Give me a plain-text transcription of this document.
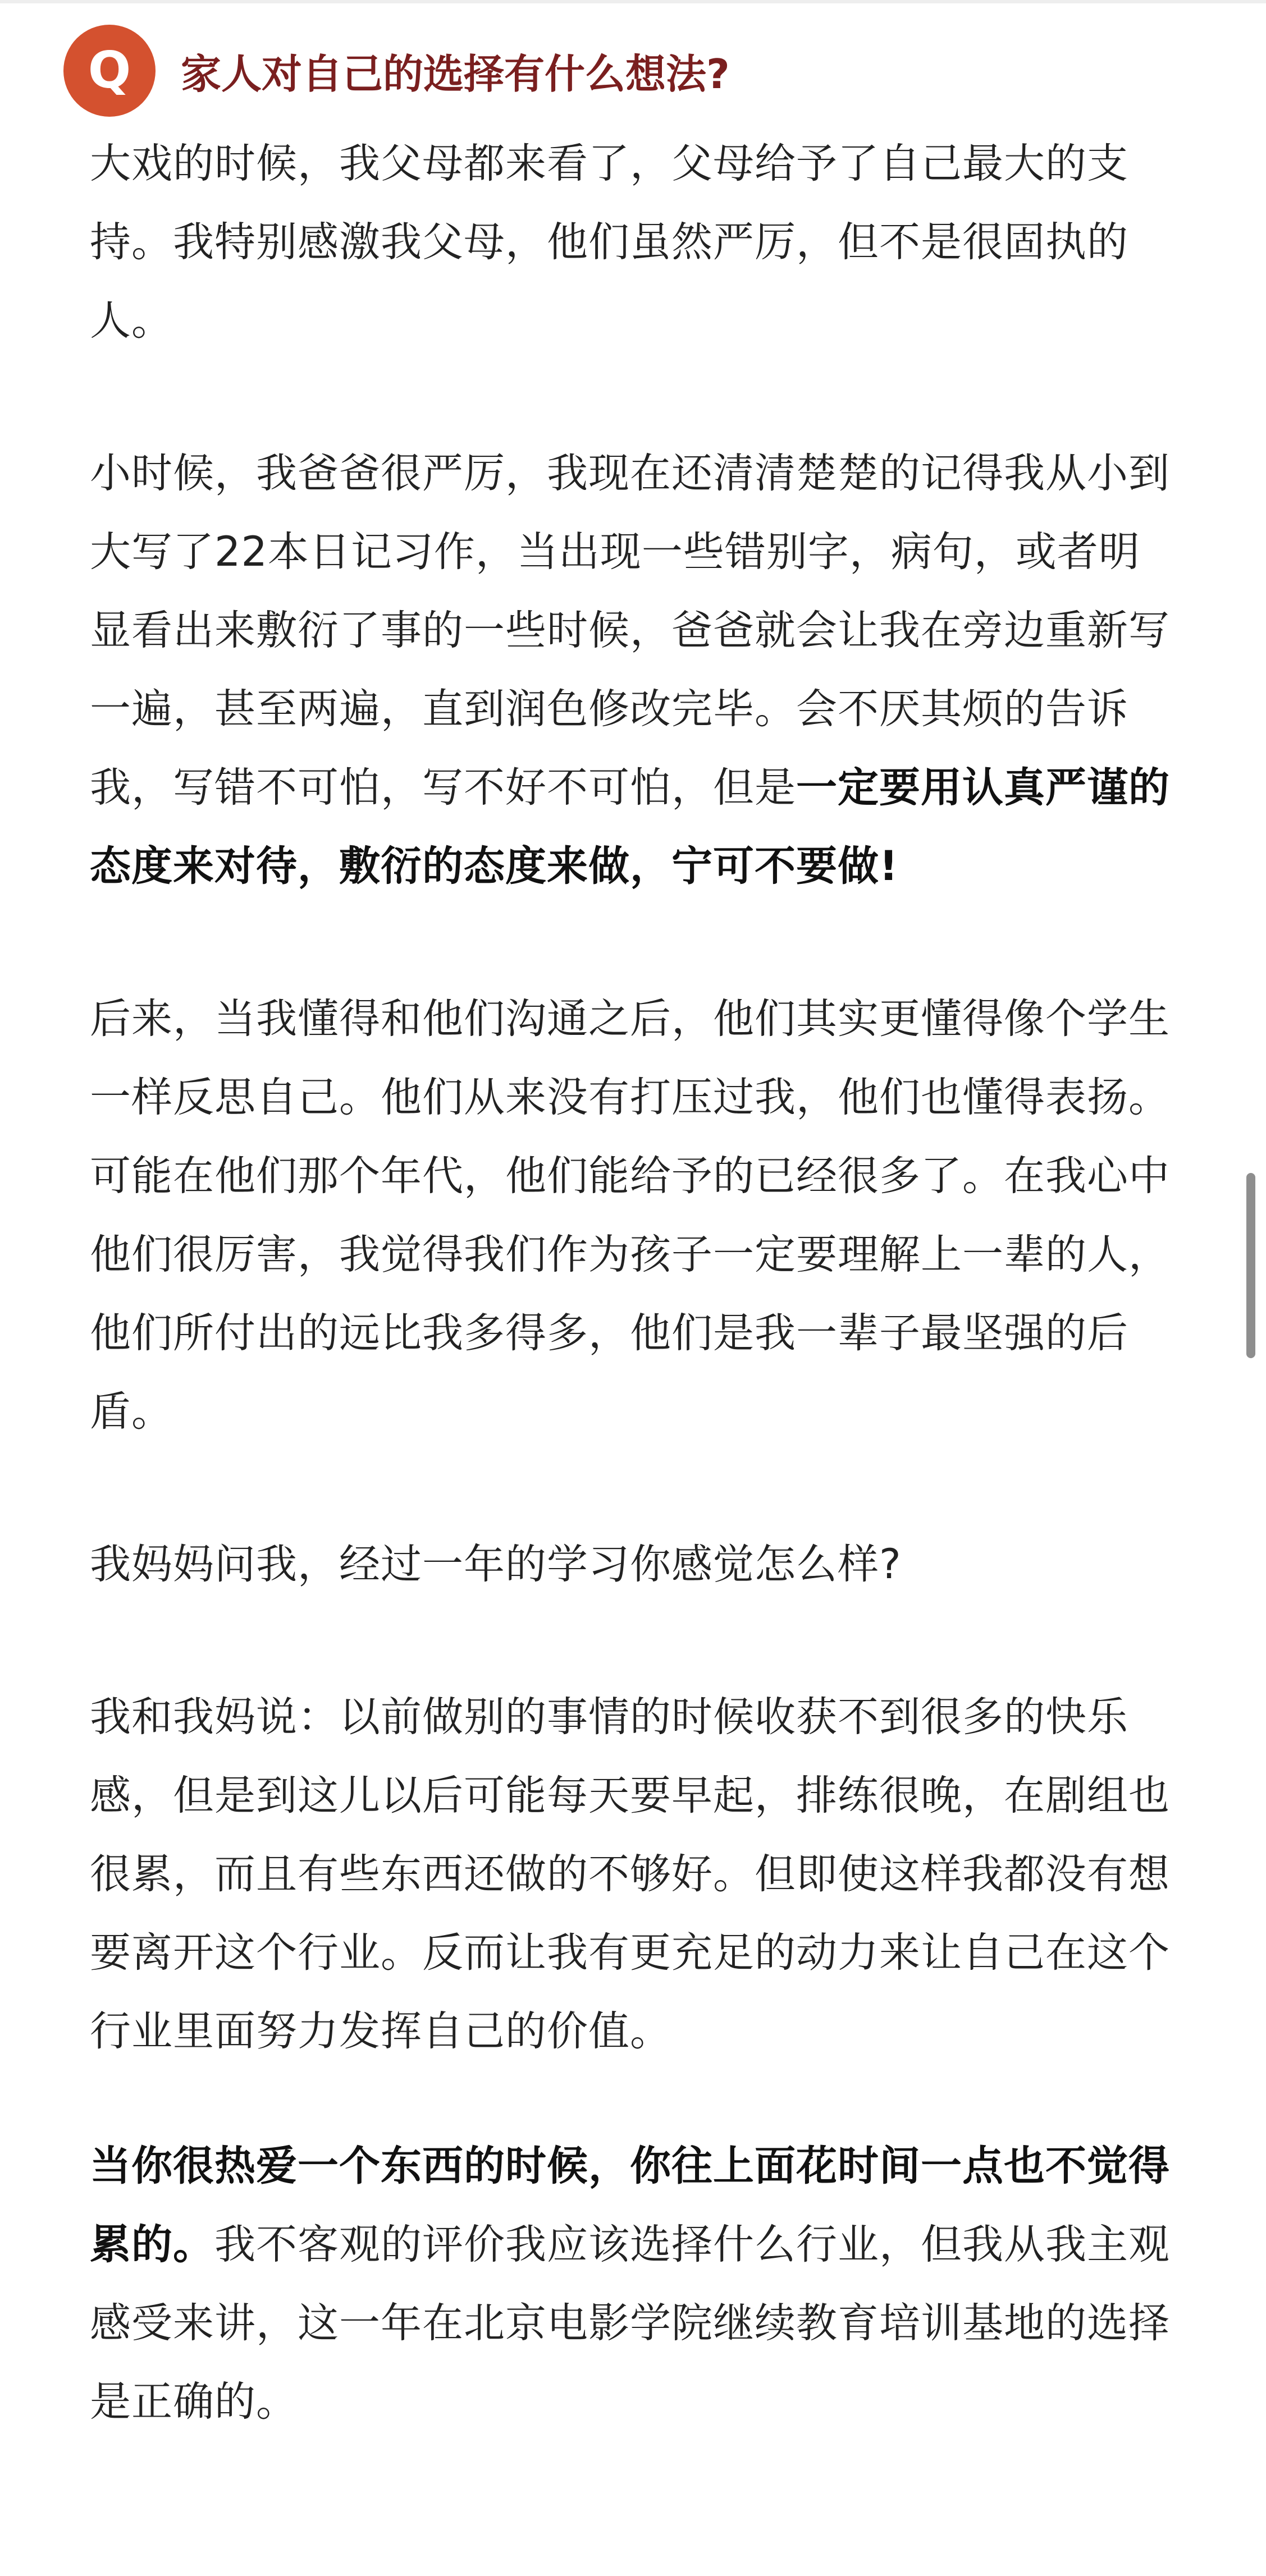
Q 家人对自己的选择有什么想法?

大戏的时候，我父母都来看了，父母给予了自己最大的支持。我特别感激我父母，他们虽然严厉，但不是很固执的人。

小时候，我爸爸很严厉，我现在还清清楚楚的记得我从小到大写了22本日记习作，当出现一些错别字，病句，或者明显看出来敷衍了事的一些时候，爸爸就会让我在旁边重新写一遍，甚至两遍，直到润色修改完毕。会不厌其烦的告诉我，写错不可怕，写不好不可怕，但是一定要用认真严谨的态度来对待，敷衍的态度来做，宁可不要做!

后来，当我懂得和他们沟通之后，他们其实更懂得像个学生一样反思自己。他们从来没有打压过我，他们也懂得表扬。可能在他们那个年代，他们能给予的已经很多了。在我心中他们很厉害，我觉得我们作为孩子一定要理解上一辈的人，他们所付出的远比我多得多，他们是我一辈子最坚强的后盾。

我妈妈问我，经过一年的学习你感觉怎么样?

我和我妈说：以前做别的事情的时候收获不到很多的快乐感，但是到这儿以后可能每天要早起，排练很晚，在剧组也很累，而且有些东西还做的不够好。但即使这样我都没有想要离开这个行业。反而让我有更充足的动力来让自己在这个行业里面努力发挥自己的价值。

当你很热爱一个东西的时候，你往上面花时间一点也不觉得累的。我不客观的评价我应该选择什么行业，但我从我主观感受来讲，这一年在北京电影学院继续教育培训基地的选择是正确的。
